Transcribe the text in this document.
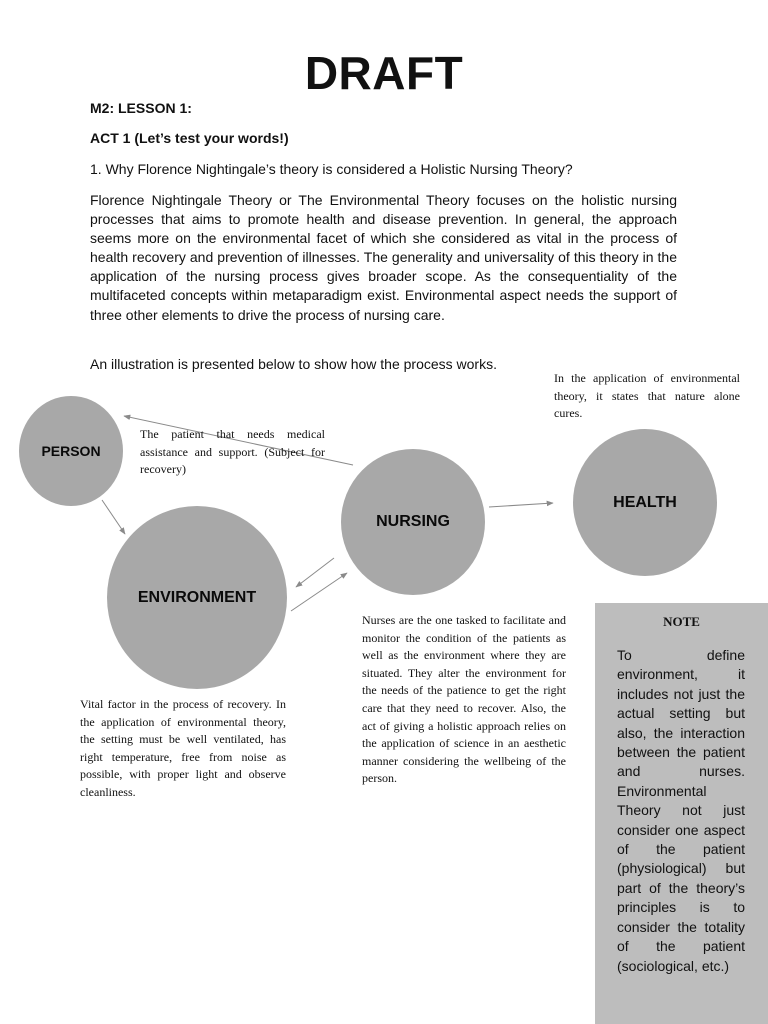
DRAFT
M2: LESSON 1:
ACT 1 (Let’s test your words!)
1. Why Florence Nightingale’s theory is considered a Holistic Nursing Theory?

Florence Nightingale Theory or The Environmental Theory focuses on the holistic nursing processes that aims to promote health and disease prevention. In general, the approach seems more on the environmental facet of which she considered as vital in the process of health recovery and prevention of illnesses. The generality and universality of this theory in the application of the nursing process gives broader scope. As the consequentiality of the multifaceted concepts within metaparadigm exist. Environmental aspect needs the support of three other elements to drive the process of nursing care.

An illustration is presented below to show how the process works.
PERSON
ENVIRONMENT
NURSING
HEALTH

In the application of environmental theory, it states that nature alone cures.

The patient that needs medical assistance and support. (Subject for recovery)

Nurses are the one tasked to facilitate and monitor the condition of the patients as well as the environment where they are situated. They alter the environment for the needs of the patience to get the right care that they need to recover. Also, the act of giving a holistic approach relies on the application of science in an aesthetic manner considering the wellbeing of the person.

Vital factor in the process of recovery. In the application of environmental theory, the setting must be well ventilated, has right temperature, free from noise as possible, with proper light and observe cleanliness.

NOTE

To define environment, it includes not just the actual setting but also, the interaction between the patient and nurses. Environmental Theory not just consider one aspect of the patient (physiological) but part of the theory’s principles is to consider the totality of the patient (sociological, etc.)
